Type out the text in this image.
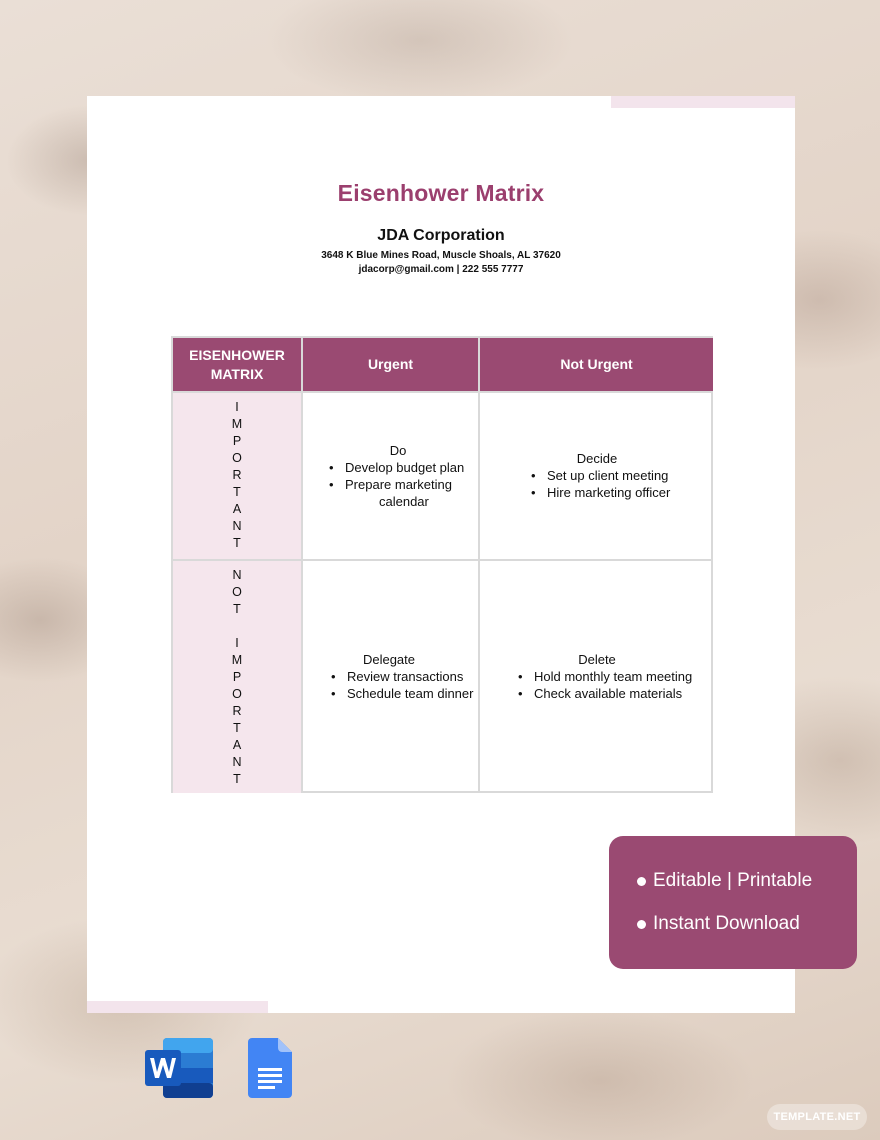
Eisenhower Matrix
JDA Corporation
3648 K Blue Mines Road, Muscle Shoals, AL 37620
jdacorp@gmail.com | 222 555 7777
EISENHOWER
MATRIX
Urgent	Not Urgent
I
M
P
O
R
T
A
N
T
N
O
T
I
M
P
O
R
T
A
N
T
Do
• Develop budget plan
• Prepare marketing
calendar
Decide
• Set up client meeting
• Hire marketing officer
Delegate
• Review transactions
• Schedule team dinner
Delete
• Hold monthly team meeting
• Check available materials
Editable | Printable
Instant Download
TEMPLATE.NET
